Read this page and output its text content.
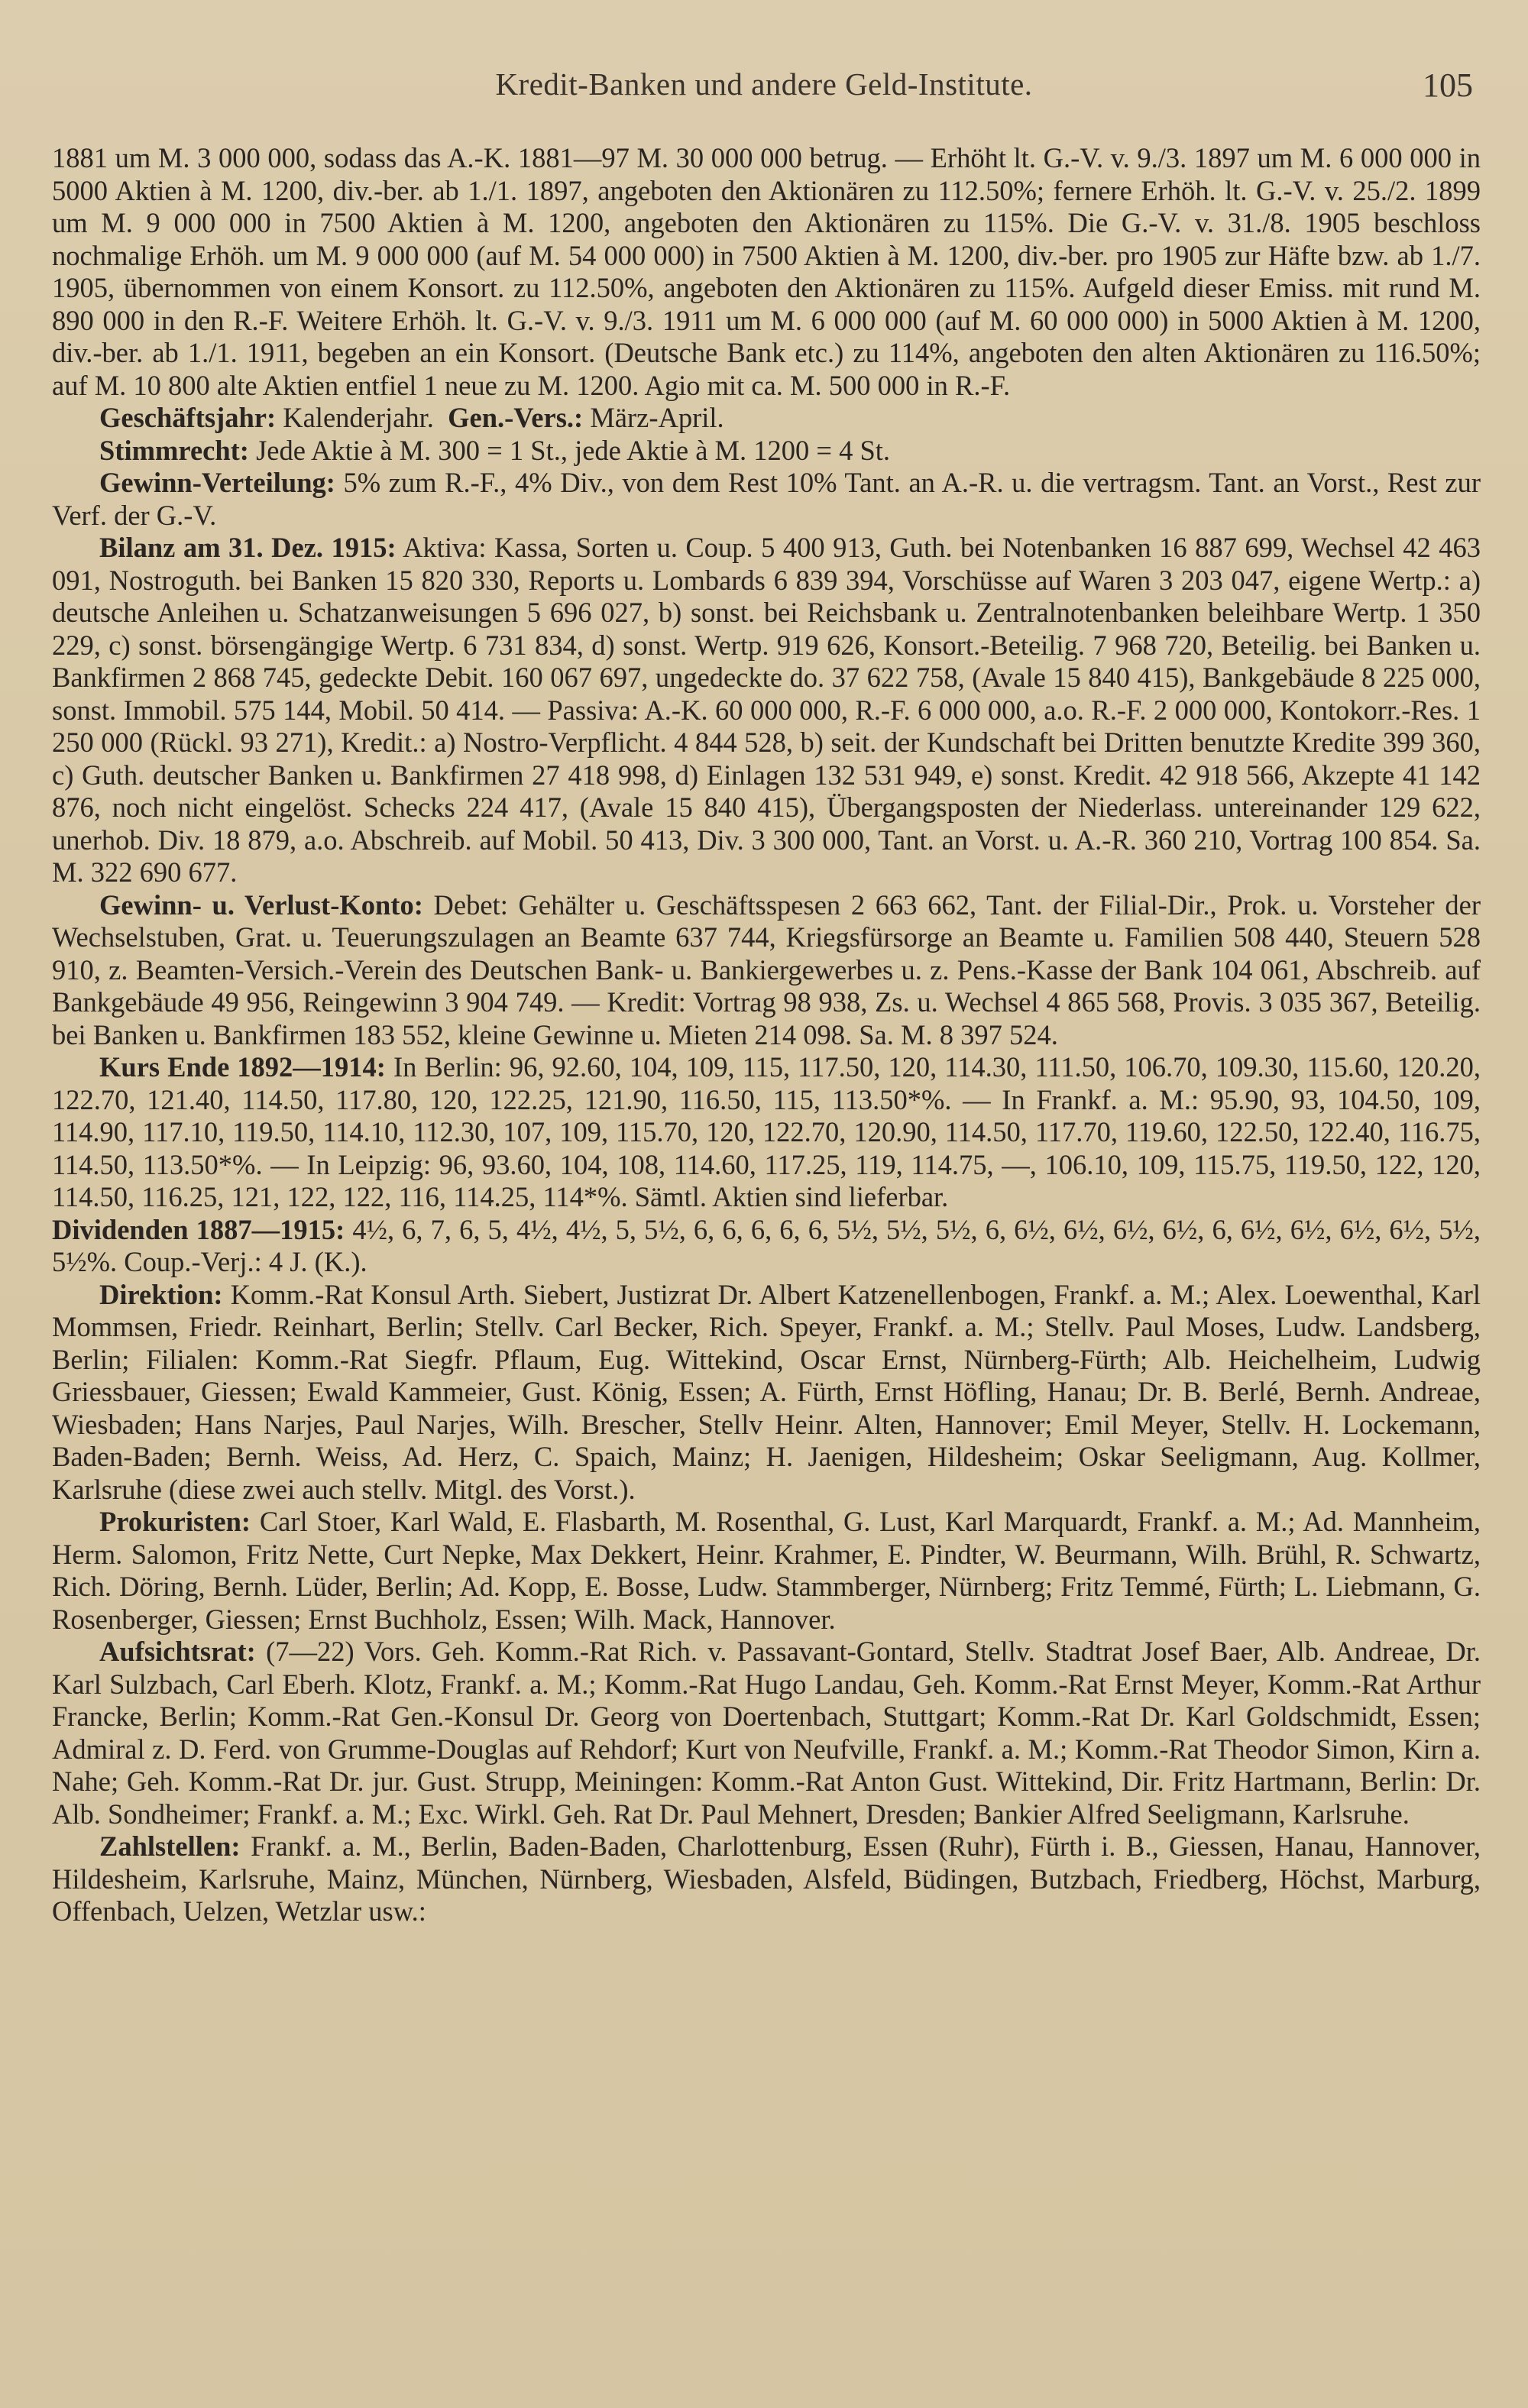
Kredit-Banken und andere Geld-Institute.	105

1881 um M. 3 000 000, sodass das A.-K. 1881—97 M. 30 000 000 betrug. — Erhöht lt. G.-V. v. 9./3. 1897 um M. 6 000 000 in 5000 Aktien à M. 1200, div.-ber. ab 1./1. 1897, angeboten den Aktionären zu 112.50%; fernere Erhöh. lt. G.-V. v. 25./2. 1899 um M. 9 000 000 in 7500 Aktien à M. 1200, angeboten den Aktionären zu 115%. Die G.-V. v. 31./8. 1905 beschloss nochmalige Erhöh. um M. 9 000 000 (auf M. 54 000 000) in 7500 Aktien à M. 1200, div.-ber. pro 1905 zur Häfte bzw. ab 1./7. 1905, übernommen von einem Konsort. zu 112.50%, angeboten den Aktionären zu 115%. Aufgeld dieser Emiss. mit rund M. 890 000 in den R.-F. Weitere Erhöh. lt. G.-V. v. 9./3. 1911 um M. 6 000 000 (auf M. 60 000 000) in 5000 Aktien à M. 1200, div.-ber. ab 1./1. 1911, begeben an ein Konsort. (Deutsche Bank etc.) zu 114%, angeboten den alten Aktionären zu 116.50%; auf M. 10 800 alte Aktien entfiel 1 neue zu M. 1200. Agio mit ca. M. 500 000 in R.-F.

Geschäftsjahr: Kalenderjahr. Gen.-Vers.: März-April.

Stimmrecht: Jede Aktie à M. 300 = 1 St., jede Aktie à M. 1200 = 4 St.

Gewinn-Verteilung: 5% zum R.-F., 4% Div., von dem Rest 10% Tant. an A.-R. u. die vertragsm. Tant. an Vorst., Rest zur Verf. der G.-V.

Bilanz am 31. Dez. 1915: Aktiva: Kassa, Sorten u. Coup. 5 400 913, Guth. bei Notenbanken 16 887 699, Wechsel 42 463 091, Nostroguth. bei Banken 15 820 330, Reports u. Lombards 6 839 394, Vorschüsse auf Waren 3 203 047, eigene Wertp.: a) deutsche Anleihen u. Schatzanweisungen 5 696 027, b) sonst. bei Reichsbank u. Zentralnotenbanken beleihbare Wertp. 1 350 229, c) sonst. börsengängige Wertp. 6 731 834, d) sonst. Wertp. 919 626, Konsort.-Beteilig. 7 968 720, Beteilig. bei Banken u. Bankfirmen 2 868 745, gedeckte Debit. 160 067 697, ungedeckte do. 37 622 758, (Avale 15 840 415), Bankgebäude 8 225 000, sonst. Immobil. 575 144, Mobil. 50 414. — Passiva: A.-K. 60 000 000, R.-F. 6 000 000, a.o. R.-F. 2 000 000, Kontokorr.-Res. 1 250 000 (Rückl. 93 271), Kredit.: a) Nostro-Verpflicht. 4 844 528, b) seit. der Kundschaft bei Dritten benutzte Kredite 399 360, c) Guth. deutscher Banken u. Bankfirmen 27 418 998, d) Einlagen 132 531 949, e) sonst. Kredit. 42 918 566, Akzepte 41 142 876, noch nicht eingelöst. Schecks 224 417, (Avale 15 840 415), Übergangsposten der Niederlass. untereinander 129 622, unerhob. Div. 18 879, a.o. Abschreib. auf Mobil. 50 413, Div. 3 300 000, Tant. an Vorst. u. A.-R. 360 210, Vortrag 100 854. Sa. M. 322 690 677.

Gewinn- u. Verlust-Konto: Debet: Gehälter u. Geschäftsspesen 2 663 662, Tant. der Filial-Dir., Prok. u. Vorsteher der Wechselstuben, Grat. u. Teuerungszulagen an Beamte 637 744, Kriegsfürsorge an Beamte u. Familien 508 440, Steuern 528 910, z. Beamten-Versich.-Verein des Deutschen Bank- u. Bankiergewerbes u. z. Pens.-Kasse der Bank 104 061, Abschreib. auf Bankgebäude 49 956, Reingewinn 3 904 749. — Kredit: Vortrag 98 938, Zs. u. Wechsel 4 865 568, Provis. 3 035 367, Beteilig. bei Banken u. Bankfirmen 183 552, kleine Gewinne u. Mieten 214 098. Sa. M. 8 397 524.

Kurs Ende 1892—1914: In Berlin: 96, 92.60, 104, 109, 115, 117.50, 120, 114.30, 111.50, 106.70, 109.30, 115.60, 120.20, 122.70, 121.40, 114.50, 117.80, 120, 122.25, 121.90, 116.50, 115, 113.50*%. — In Frankf. a. M.: 95.90, 93, 104.50, 109, 114.90, 117.10, 119.50, 114.10, 112.30, 107, 109, 115.70, 120, 122.70, 120.90, 114.50, 117.70, 119.60, 122.50, 122.40, 116.75, 114.50, 113.50*%. — In Leipzig: 96, 93.60, 104, 108, 114.60, 117.25, 119, 114.75, —, 106.10, 109, 115.75, 119.50, 122, 120, 114.50, 116.25, 121, 122, 122, 116, 114.25, 114*%. Sämtl. Aktien sind lieferbar.

Dividenden 1887—1915: 4½, 6, 7, 6, 5, 4½, 4½, 5, 5½, 6, 6, 6, 6, 6, 5½, 5½, 5½, 6, 6½, 6½, 6½, 6½, 6, 6½, 6½, 6½, 6½, 5½, 5½%. Coup.-Verj.: 4 J. (K.).

Direktion: Komm.-Rat Konsul Arth. Siebert, Justizrat Dr. Albert Katzenellenbogen, Frankf. a. M.; Alex. Loewenthal, Karl Mommsen, Friedr. Reinhart, Berlin; Stellv. Carl Becker, Rich. Speyer, Frankf. a. M.; Stellv. Paul Moses, Ludw. Landsberg, Berlin; Filialen: Komm.-Rat Siegfr. Pflaum, Eug. Wittekind, Oscar Ernst, Nürnberg-Fürth; Alb. Heichelheim, Ludwig Griessbauer, Giessen; Ewald Kammeier, Gust. König, Essen; A. Fürth, Ernst Höfling, Hanau; Dr. B. Berlé, Bernh. Andreae, Wiesbaden; Hans Narjes, Paul Narjes, Wilh. Brescher, Stellv Heinr. Alten, Hannover; Emil Meyer, Stellv. H. Lockemann, Baden-Baden; Bernh. Weiss, Ad. Herz, C. Spaich, Mainz; H. Jaenigen, Hildesheim; Oskar Seeligmann, Aug. Kollmer, Karlsruhe (diese zwei auch stellv. Mitgl. des Vorst.).

Prokuristen: Carl Stoer, Karl Wald, E. Flasbarth, M. Rosenthal, G. Lust, Karl Marquardt, Frankf. a. M.; Ad. Mannheim, Herm. Salomon, Fritz Nette, Curt Nepke, Max Dekkert, Heinr. Krahmer, E. Pindter, W. Beurmann, Wilh. Brühl, R. Schwartz, Rich. Döring, Bernh. Lüder, Berlin; Ad. Kopp, E. Bosse, Ludw. Stammberger, Nürnberg; Fritz Temmé, Fürth; L. Liebmann, G. Rosenberger, Giessen; Ernst Buchholz, Essen; Wilh. Mack, Hannover.

Aufsichtsrat: (7—22) Vors. Geh. Komm.-Rat Rich. v. Passavant-Gontard, Stellv. Stadtrat Josef Baer, Alb. Andreae, Dr. Karl Sulzbach, Carl Eberh. Klotz, Frankf. a. M.; Komm.-Rat Hugo Landau, Geh. Komm.-Rat Ernst Meyer, Komm.-Rat Arthur Francke, Berlin; Komm.-Rat Gen.-Konsul Dr. Georg von Doertenbach, Stuttgart; Komm.-Rat Dr. Karl Goldschmidt, Essen; Admiral z. D. Ferd. von Grumme-Douglas auf Rehdorf; Kurt von Neufville, Frankf. a. M.; Komm.-Rat Theodor Simon, Kirn a. Nahe; Geh. Komm.-Rat Dr. jur. Gust. Strupp, Meiningen: Komm.-Rat Anton Gust. Wittekind, Dir. Fritz Hartmann, Berlin: Dr. Alb. Sondheimer; Frankf. a. M.; Exc. Wirkl. Geh. Rat Dr. Paul Mehnert, Dresden; Bankier Alfred Seeligmann, Karlsruhe.

Zahlstellen: Frankf. a. M., Berlin, Baden-Baden, Charlottenburg, Essen (Ruhr), Fürth i. B., Giessen, Hanau, Hannover, Hildesheim, Karlsruhe, Mainz, München, Nürnberg, Wiesbaden, Alsfeld, Büdingen, Butzbach, Friedberg, Höchst, Marburg, Offenbach, Uelzen, Wetzlar usw.:
